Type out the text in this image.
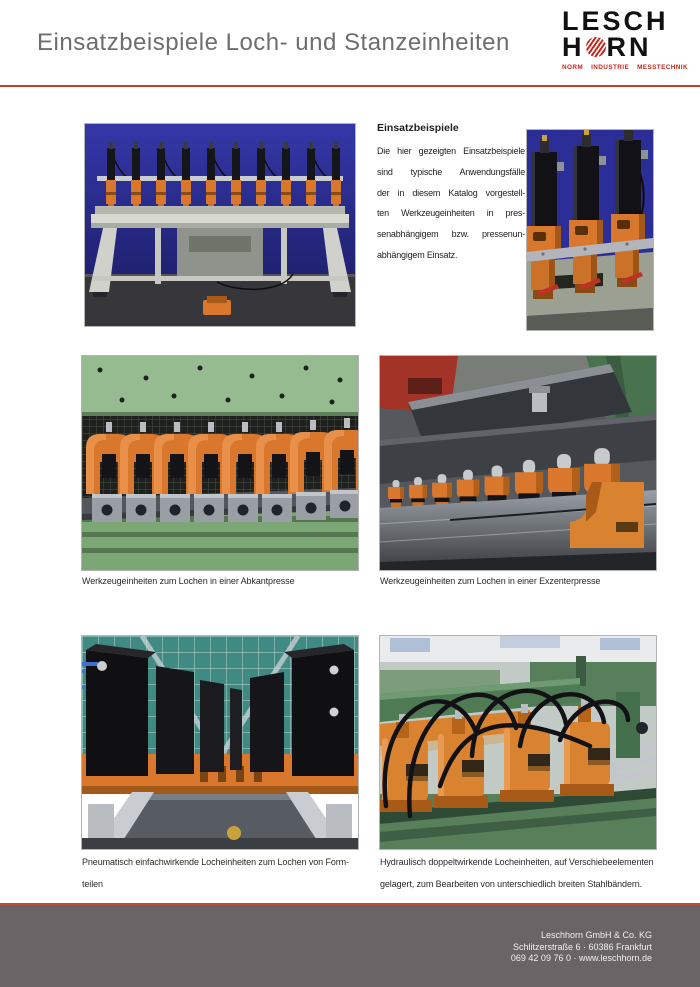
Einsatzbeispiele Loch- und Stanzeinheiten
LESCH
H RN
NORM INDUSTRIE MESSTECHNIK
Einsatzbeispiele
Die hier gezeigten Einsatzbeispiele
sind typische Anwendungsfälle
der in diesem Katalog vorgestell-
ten Werkzeugeinheiten in pres-
senabhängigem bzw. pressenun-
abhängigem Einsatz.
Werkzeugeinheiten zum Lochen in einer Abkantpresse	Werkzeugeinheiten zum Lochen in einer Exzenterpresse
Pneumatisch einfachwirkende Locheinheiten zum Lochen von Form-
teilen
Hydraulisch doppeltwirkende Locheinheiten, auf Verschiebeelementen
gelagert, zum Bearbeiten von unterschiedlich breiten Stahlbändern.
Leschhorn GmbH & Co. KG
Schlitzerstraße 6 · 60386 Frankfurt
069 42 09 76 0 · www.leschhorn.de
